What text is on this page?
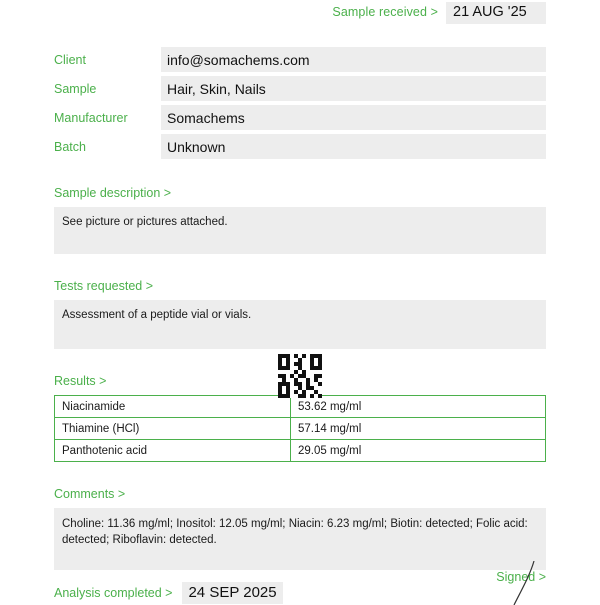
Sample received >	21 AUG '25
Client	info@somachems.com
Sample	Hair, Skin, Nails
Manufacturer	Somachems
Batch	Unknown
Sample description >
See picture or pictures attached.
Tests requested >
Assessment of a peptide vial or vials.
Results >
Niacinamide	53.62 mg/ml
Thiamine (HCl)	57.14 mg/ml
Panthotenic acid	29.05 mg/ml
Comments >
Choline: 11.36 mg/ml; Inositol: 12.05 mg/ml; Niacin: 6.23 mg/ml; Biotin: detected; Folic acid: detected; Riboflavin: detected.
Analysis completed >	24 SEP 2025
Signed >
